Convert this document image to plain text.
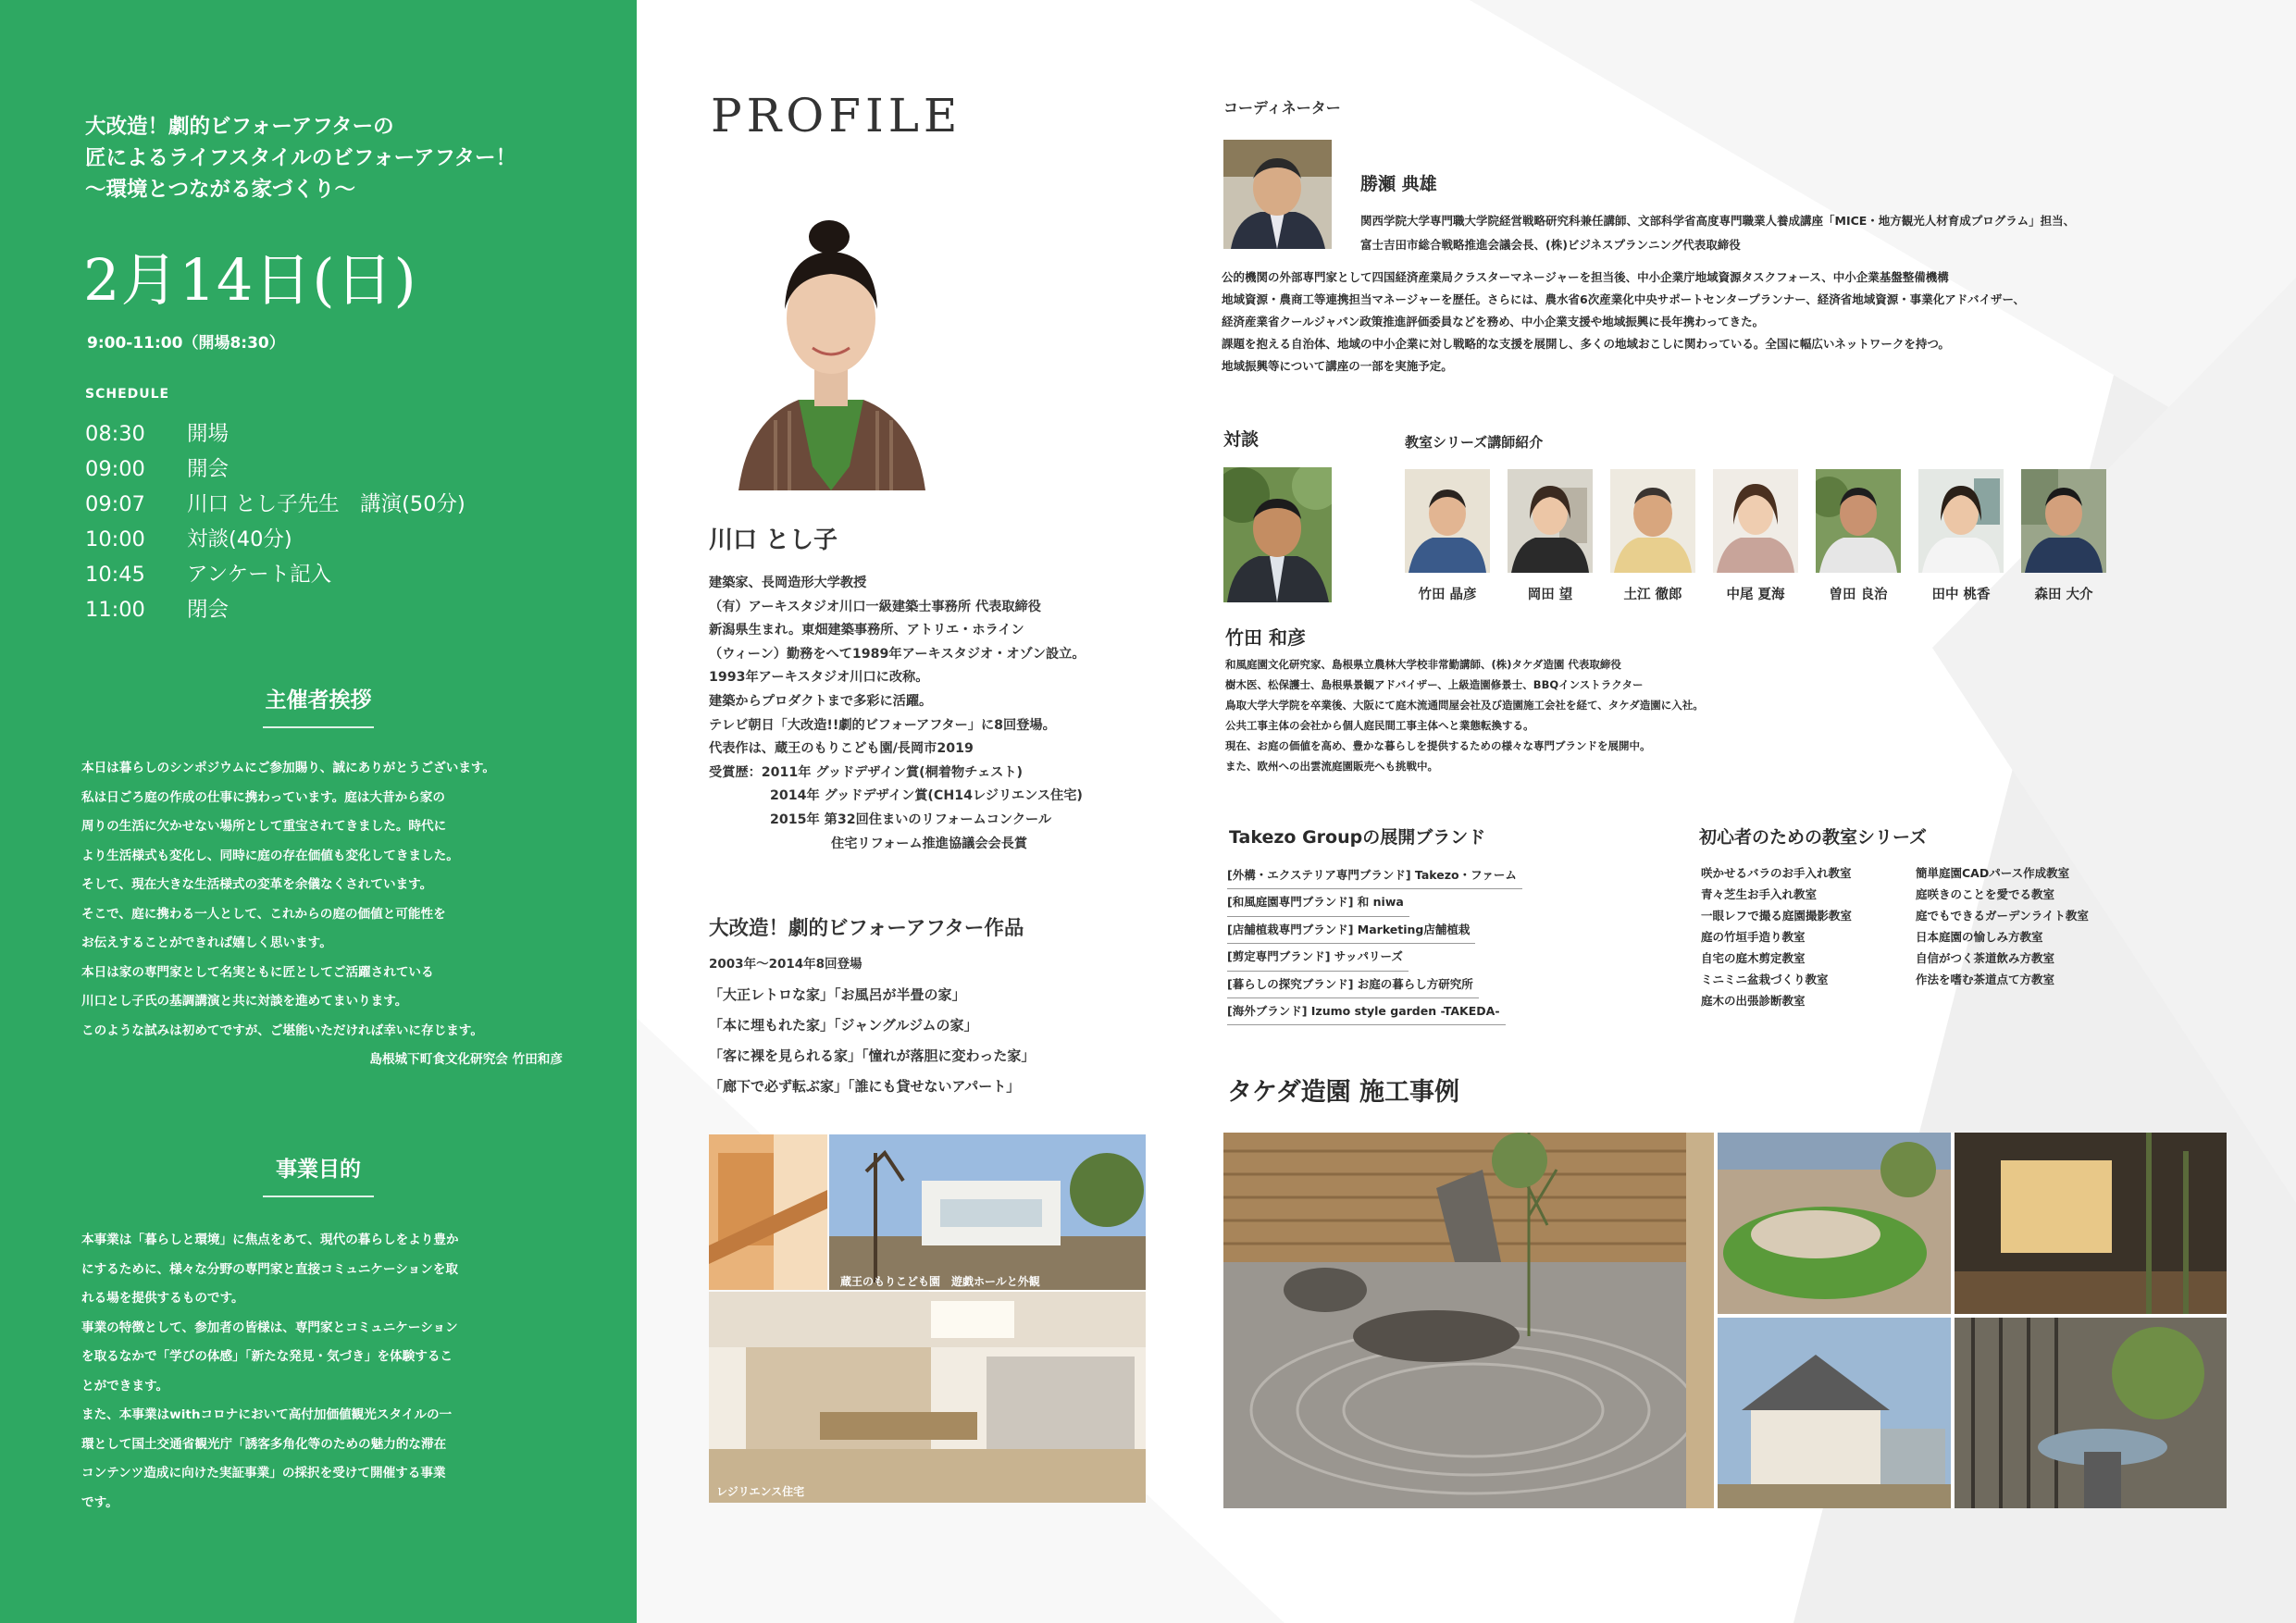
大改造！劇的ビフォーアフターの
匠によるライフスタイルのビフォーアフター！
～環境とつながる家づくり～
2月14日(日)
9:00-11:00（開場8:30）
SCHEDULE
08:30	開場
09:00	開会
09:07	川口 とし子先生　講演(50分)
10:00	対談(40分)
10:45	アンケート記入
11:00	閉会
主催者挨拶

本日は暮らしのシンポジウムにご参加賜り、誠にありがとうございます。

私は日ごろ庭の作成の仕事に携わっています。庭は大昔から家の

周りの生活に欠かせない場所として重宝されてきました。時代に

より生活様式も変化し、同時に庭の存在価値も変化してきました。

そして、現在大きな生活様式の変革を余儀なくされています。

そこで、庭に携わる一人として、これからの庭の価値と可能性を

お伝えすることができれば嬉しく思います。

本日は家の専門家として名実ともに匠としてご活躍されている

川口とし子氏の基調講演と共に対談を進めてまいります。

このような試みは初めてですが、ご堪能いただければ幸いに存じます。

島根城下町食文化研究会 竹田和彦

事業目的

本事業は「暮らしと環境」に焦点をあて、現代の暮らしをより豊か

にするために、様々な分野の専門家と直接コミュニケーションを取

れる場を提供するものです。

事業の特徴として、参加者の皆様は、専門家とコミュニケーション

を取るなかで「学びの体感」「新たな発見・気づき」を体験するこ

とができます。

また、本事業はwithコロナにおいて高付加価値観光スタイルの一

環として国土交通省観光庁「誘客多角化等のための魅力的な滞在

コンテンツ造成に向けた実証事業」の採択を受けて開催する事業

です。

PROFILE
川口 とし子

建築家、長岡造形大学教授

（有）アーキスタジオ川口一級建築士事務所 代表取締役

新潟県生まれ。東畑建築事務所、アトリエ・ホライン

（ウィーン）勤務をへて1989年アーキスタジオ・オゾン設立。

1993年アーキスタジオ川口に改称。

建築からプロダクトまで多彩に活躍。

テレビ朝日「大改造!!劇的ビフォーアフター」に8回登場。

代表作は、蔵王のもりこども園/長岡市2019

受賞歴：2011年 グッドデザイン賞(桐着物チェスト)

2014年 グッドデザイン賞(CH14レジリエンス住宅)

2015年 第32回住まいのリフォームコンクール

住宅リフォーム推進協議会会長賞

大改造！劇的ビフォーアフター作品

2003年～2014年8回登場

「大正レトロな家」「お風呂が半畳の家」

「本に埋もれた家」「ジャングルジムの家」

「客に裸を見られる家」「憧れが落胆に変わった家」

「廊下で必ず転ぶ家」「誰にも貸せないアパート」

蔵王のもりこども園　遊戯ホールと外観
レジリエンス住宅
コーディネーター
勝瀬 典雄

関西学院大学専門職大学院経営戦略研究科兼任講師、文部科学省高度専門職業人養成講座「MICE・地方観光人材育成プログラム」担当、

富士吉田市総合戦略推進会議会長、(株)ビジネスプランニング代表取締役

公的機関の外部専門家として四国経済産業局クラスターマネージャーを担当後、中小企業庁地域資源タスクフォース、中小企業基盤整備機構

地域資源・農商工等連携担当マネージャーを歴任。さらには、農水省6次産業化中央サポートセンタープランナー、経済省地域資源・事業化アドバイザー、

経済産業省クールジャパン政策推進評価委員などを務め、中小企業支援や地域振興に長年携わってきた。

課題を抱える自治体、地域の中小企業に対し戦略的な支援を展開し、多くの地域おこしに関わっている。全国に幅広いネットワークを持つ。

地域振興等について講座の一部を実施予定。

対談
竹田 和彦

和風庭園文化研究家、島根県立農林大学校非常勤講師、(株)タケダ造園 代表取締役

樹木医、松保護士、島根県景観アドバイザー、上級造園修景士、BBQインストラクター

鳥取大学大学院を卒業後、大阪にて庭木流通問屋会社及び造園施工会社を経て、タケダ造園に入社。

公共工事主体の会社から個人庭民間工事主体へと業態転換する。

現在、お庭の価値を高め、豊かな暮らしを提供するための様々な専門ブランドを展開中。

また、欧州への出雲流庭園販売へも挑戦中。

教室シリーズ講師紹介
竹田 晶彦	岡田 望	土江 徹郎	中尾 夏海	曽田 良治	田中 桃香	森田 大介
Takezo Groupの展開ブランド

[外構・エクステリア専門ブランド] Takezo・ファーム

[和風庭園専門ブランド] 和 niwa

[店舗植栽専門ブランド] Marketing店舗植栽

[剪定専門ブランド] サッパリーズ

[暮らしの探究ブランド] お庭の暮らし方研究所

[海外ブランド] Izumo style garden -TAKEDA-

初心者のための教室シリーズ

咲かせるバラのお手入れ教室

青々芝生お手入れ教室

一眼レフで撮る庭園撮影教室

庭の竹垣手造り教室

自宅の庭木剪定教室

ミニミニ盆栽づくり教室

庭木の出張診断教室

簡単庭園CADパース作成教室

庭咲きのことを愛でる教室

庭でもできるガーデンライト教室

日本庭園の愉しみ方教室

自信がつく茶道飲み方教室

作法を嗜む茶道点て方教室

タケダ造園 施工事例
